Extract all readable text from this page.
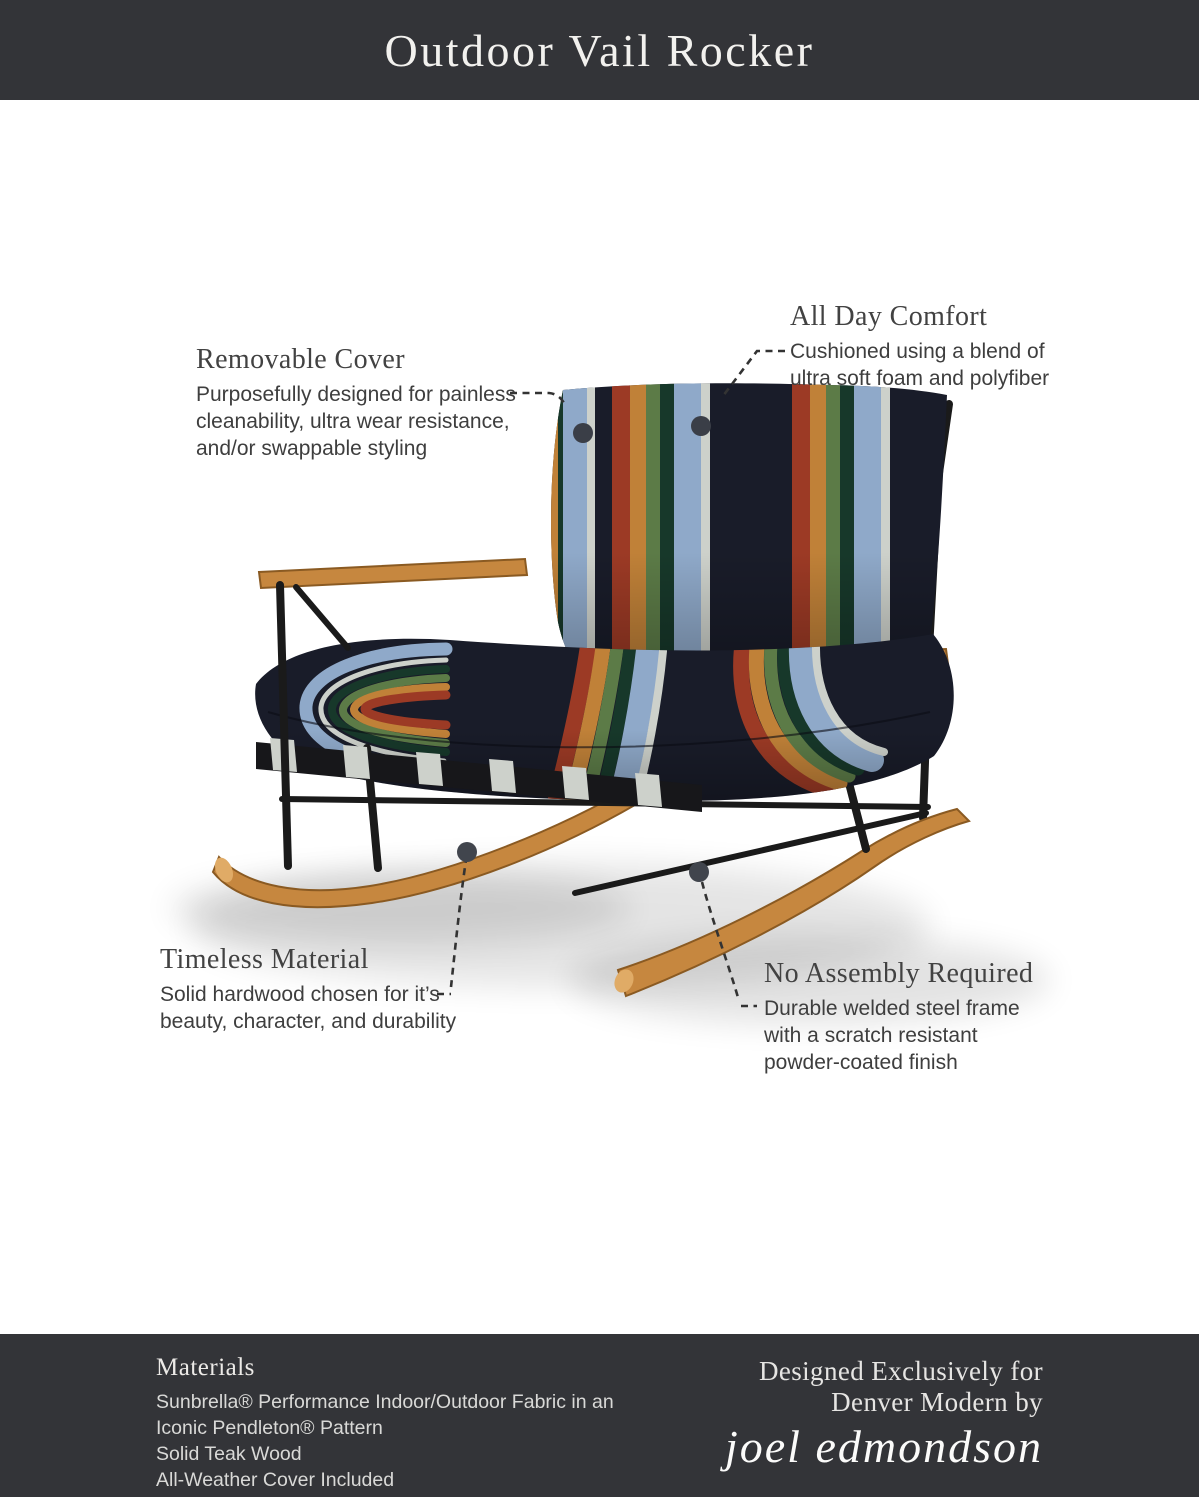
Outdoor Vail Rocker
Removable Cover
Purposefully designed for painless
cleanability, ultra wear resistance,
and/or swappable styling
All Day Comfort
Cushioned using a blend of
ultra soft foam and polyfiber
Timeless Material
Solid hardwood chosen for it’s
beauty, character, and durability
No Assembly Required
Durable welded steel frame
with a scratch resistant
powder-coated finish
Materials
Sunbrella® Performance Indoor/Outdoor Fabric in an
Iconic Pendleton® Pattern
Solid Teak Wood
All-Weather Cover Included
Designed Exclusively for
Denver Modern by
joel edmondson
